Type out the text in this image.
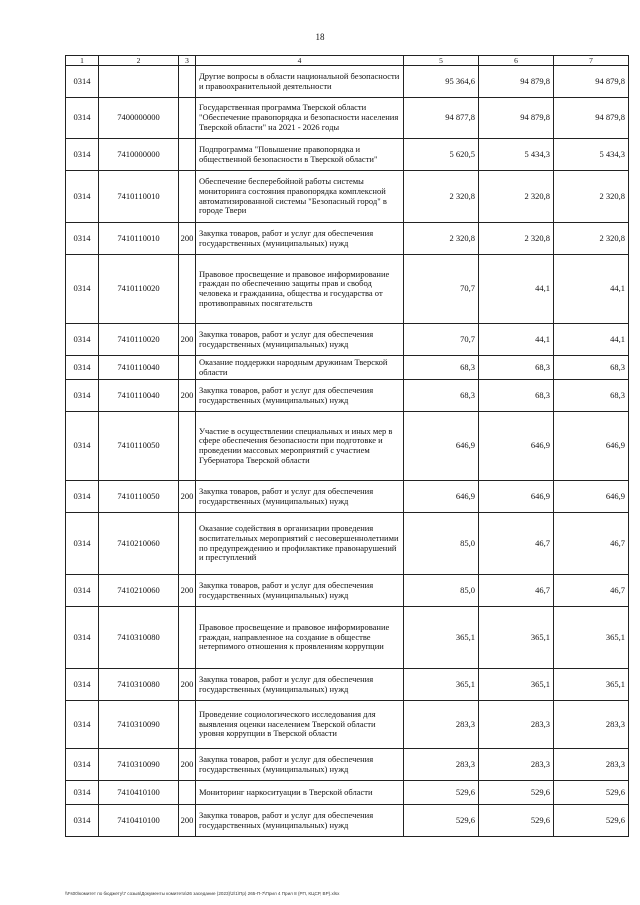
18
1	2	3	4	5	6	7
0314			Другие вопросы в области национальной безопасности и правоохранительной деятельности	95 364,6	94 879,8	94 879,8
0314	7400000000		Государственная программа Тверской области "Обеспечение правопорядка и безопасности населения Тверской области" на 2021 - 2026 годы	94 877,8	94 879,8	94 879,8
0314	7410000000		Подпрограмма "Повышение правопорядка и общественной безопасности в Тверской области"	5 620,5	5 434,3	5 434,3
0314	7410110010		Обеспечение бесперебойной работы системы мониторинга состояния правопорядка комплексной автоматизированной системы "Безопасный город" в городе Твери	2 320,8	2 320,8	2 320,8
0314	7410110010	200	Закупка товаров, работ и услуг для обеспечения государственных (муниципальных) нужд	2 320,8	2 320,8	2 320,8
0314	7410110020		Правовое просвещение и правовое информирование граждан по обеспечению защиты прав и свобод человека и гражданина, общества и государства от противоправных посягательств	70,7	44,1	44,1
0314	7410110020	200	Закупка товаров, работ и услуг для обеспечения государственных (муниципальных) нужд	70,7	44,1	44,1
0314	7410110040		Оказание поддержки народным дружинам Тверской области	68,3	68,3	68,3
0314	7410110040	200	Закупка товаров, работ и услуг для обеспечения государственных (муниципальных) нужд	68,3	68,3	68,3
0314	7410110050		Участие в осуществлении специальных и иных мер в сфере обеспечения безопасности при подготовке и проведении массовых мероприятий с участием Губернатора Тверской области	646,9	646,9	646,9
0314	7410110050	200	Закупка товаров, работ и услуг для обеспечения государственных (муниципальных) нужд	646,9	646,9	646,9
0314	7410210060		Оказание содействия в организации проведения воспитательных мероприятий с несовершеннолетними по предупреждению и профилактике правонарушений и преступлений	85,0	46,7	46,7
0314	7410210060	200	Закупка товаров, работ и услуг для обеспечения государственных (муниципальных) нужд	85,0	46,7	46,7
0314	7410310080		Правовое просвещение и правовое информирование граждан, направленное на создание в обществе нетерпимого отношения к проявлениям коррупции	365,1	365,1	365,1
0314	7410310080	200	Закупка товаров, работ и услуг для обеспечения государственных (муниципальных) нужд	365,1	365,1	365,1
0314	7410310090		Проведение социологического исследования для выявления оценки населением Тверской области уровня коррупции в Тверской области	283,3	283,3	283,3
0314	7410310090	200	Закупка товаров, работ и услуг для обеспечения государственных (муниципальных) нужд	283,3	283,3	283,3
0314	7410410100		Мониторинг наркоситуации в Тверской области	529,6	529,6	529,6
0314	7410410100	200	Закупка товаров, работ и услуг для обеспечения государственных (муниципальных) нужд	529,6	529,6	529,6
\\Fs00\комитет по бюджету\7 созыв\Документы комитета\26 заседание (2023)\2\1\Пр) 265-П-7\Прил 4 Прил 8 (РП, КЦСР, ВР).xlsx
